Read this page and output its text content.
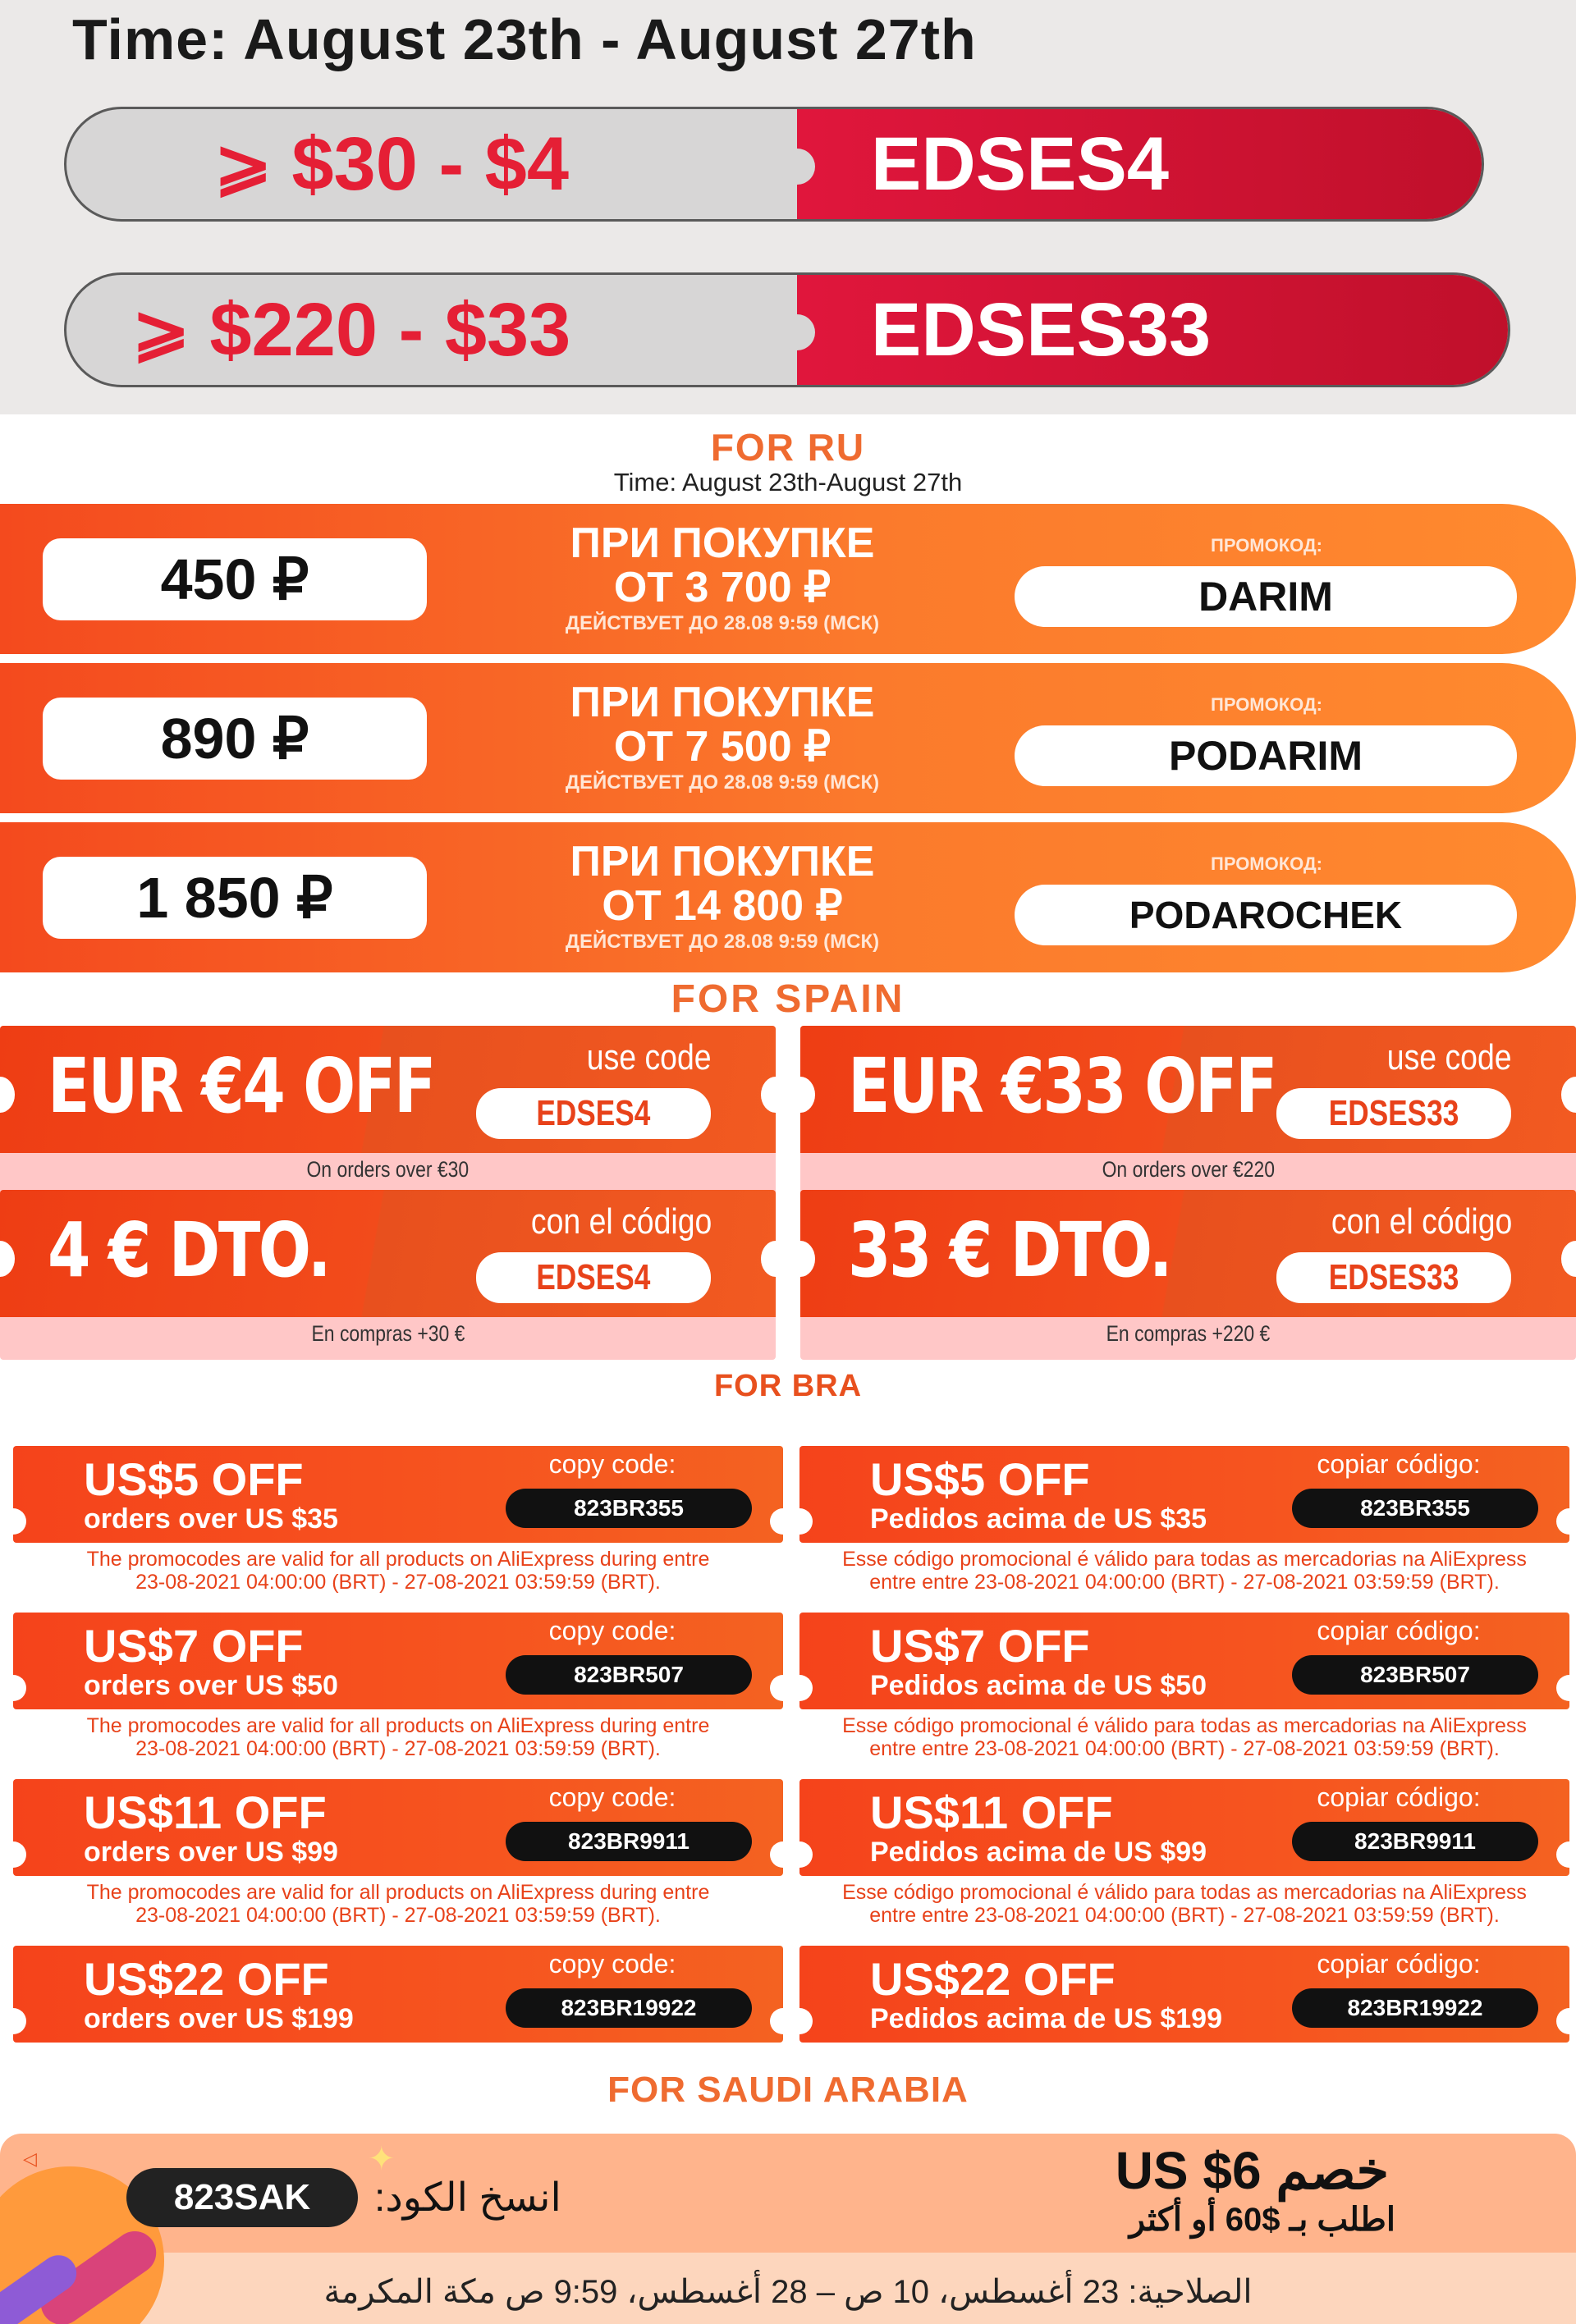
Time: August 23th - August 27th
⩾ $30 - $4	EDSES4
⩾ $220 - $33	EDSES33
FOR RU
Time: August 23th-August 27th
450 ₽
ПРИ ПОКУПКЕ
ОТ 3 700 ₽
ДЕЙСТВУЕТ ДО 28.08 9:59 (МСК)
ПРОМОКОД:
DARIM
890 ₽
ПРИ ПОКУПКЕ
ОТ 7 500 ₽
ДЕЙСТВУЕТ ДО 28.08 9:59 (МСК)
ПРОМОКОД:
PODARIM
1 850 ₽
ПРИ ПОКУПКЕ
ОТ 14 800 ₽
ДЕЙСТВУЕТ ДО 28.08 9:59 (МСК)
ПРОМОКОД:
PODAROCHEK
FOR SPAIN
EUR €4 OFF	use code
EDSES4
On orders over €30
EUR €33 OFF	use code
EDSES33
On orders over €220
4 € DTO.	con el código
EDSES4
En compras +30 €
33 € DTO.	con el código
EDSES33
En compras +220 €
FOR BRA
US$5 OFF
orders over US $35
copy code:
823BR355
The promocodes are valid for all products on AliExpress during entre
23-08-2021 04:00:00 (BRT) - 27-08-2021 03:59:59 (BRT).
US$5 OFF
Pedidos acima de US $35
copiar código:
823BR355
Esse código promocional é válido para todas as mercadorias na AliExpress
entre entre 23-08-2021 04:00:00 (BRT) - 27-08-2021 03:59:59 (BRT).
US$7 OFF
orders over US $50
copy code:
823BR507
The promocodes are valid for all products on AliExpress during entre
23-08-2021 04:00:00 (BRT) - 27-08-2021 03:59:59 (BRT).
US$7 OFF
Pedidos acima de US $50
copiar código:
823BR507
Esse código promocional é válido para todas as mercadorias na AliExpress
entre entre 23-08-2021 04:00:00 (BRT) - 27-08-2021 03:59:59 (BRT).
US$11 OFF
orders over US $99
copy code:
823BR9911
The promocodes are valid for all products on AliExpress during entre
23-08-2021 04:00:00 (BRT) - 27-08-2021 03:59:59 (BRT).
US$11 OFF
Pedidos acima de US $99
copiar código:
823BR9911
Esse código promocional é válido para todas as mercadorias na AliExpress
entre entre 23-08-2021 04:00:00 (BRT) - 27-08-2021 03:59:59 (BRT).
US$22 OFF
orders over US $199
copy code:
823BR19922
US$22 OFF
Pedidos acima de US $199
copiar código:
823BR19922
FOR SAUDI ARABIA
◁	✦
823SAK	انسخ الكود:	خصم US $6
اطلب بـ $60 أو أكثر
الصلاحية: 23 أغسطس، 10 ص – 28 أغسطس، 9:59 ص مكة المكرمة
